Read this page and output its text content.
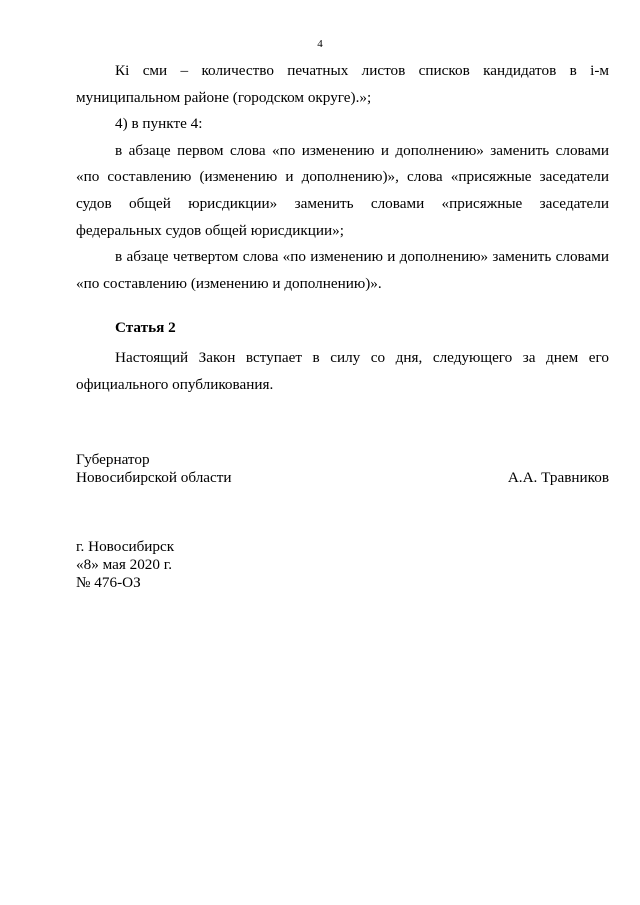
4

Кi сми – количество печатных листов списков кандидатов в i-м муниципальном районе (городском округе).»;

4) в пункте 4:

в абзаце первом слова «по изменению и дополнению» заменить словами «по составлению (изменению и дополнению)», слова «присяжные заседатели судов общей юрисдикции» заменить словами «присяжные заседатели федеральных судов общей юрисдикции»;

в абзаце четвертом слова «по изменению и дополнению» заменить словами «по составлению (изменению и дополнению)».

Статья 2

Настоящий Закон вступает в силу со дня, следующего за днем его официального опубликования.

Губернатор
Новосибирской области	А.А. Травников
г. Новосибирск
«8» мая 2020 г.
№ 476-ОЗ
